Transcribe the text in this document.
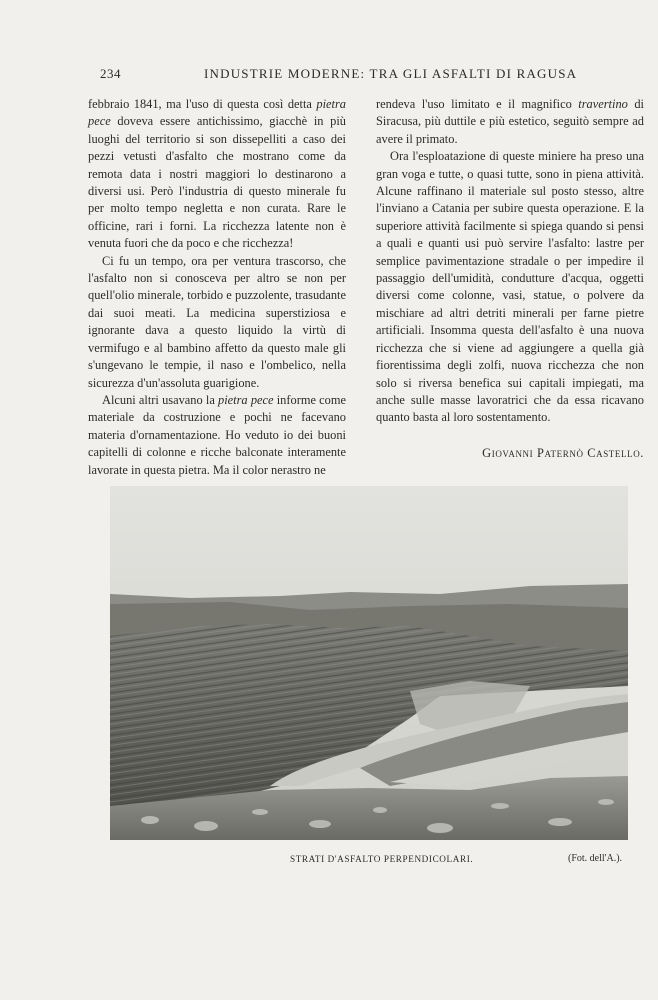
234	INDUSTRIE MODERNE: TRA GLI ASFALTI DI RAGUSA

febbraio 1841, ma l'uso di questa così detta pietra pece doveva essere antichissimo, giacchè in più luoghi del territorio si son dissepelliti a caso dei pezzi vetusti d'asfalto che mostrano come da remota data i nostri maggiori lo destinarono a diversi usi. Però l'industria di questo minerale fu per molto tempo negletta e non curata. Rare le officine, rari i forni. La ricchezza latente non è venuta fuori che da poco e che ricchezza!

Ci fu un tempo, ora per ventura trascorso, che l'asfalto non si conosceva per altro se non per quell'olio minerale, torbido e puzzolente, trasudante dai suoi meati. La medicina superstiziosa e ignorante dava a questo liquido la virtù di vermifugo e al bambino affetto da questo male gli s'ungevano le tempie, il naso e l'ombelico, nella sicurezza d'un'assoluta guarigione.

Alcuni altri usavano la pietra pece informe come materiale da costruzione e pochi ne facevano materia d'ornamentazione. Ho veduto io dei buoni capitelli di colonne e ricche balconate interamente lavorate in questa pietra. Ma il color nerastro ne

rendeva l'uso limitato e il magnifico travertino di Siracusa, più duttile e più estetico, seguitò sempre ad avere il primato.

Ora l'esploatazione di queste miniere ha preso una gran voga e tutte, o quasi tutte, sono in piena attività. Alcune raffinano il materiale sul posto stesso, altre l'inviano a Catania per subire questa operazione. E la superiore attività facilmente si spiega quando si pensi a quali e quanti usi può servire l'asfalto: lastre per semplice pavimentazione stradale o per impedire il passaggio dell'umidità, condutture d'acqua, oggetti diversi come colonne, vasi, statue, o polvere da mischiare ad altri detriti minerali per farne pietre artificiali. Insomma questa dell'asfalto è una nuova ricchezza che si viene ad aggiungere a quella già fiorentissima degli zolfi, nuova ricchezza che non solo si riversa benefica sui capitali impiegati, ma anche sulle masse lavoratrici che da essa ricavano quanto basta al loro sostentamento.

Giovanni Paternò Castello.
STRATI D'ASFALTO PERPENDICOLARI.	(Fot. dell'A.).
